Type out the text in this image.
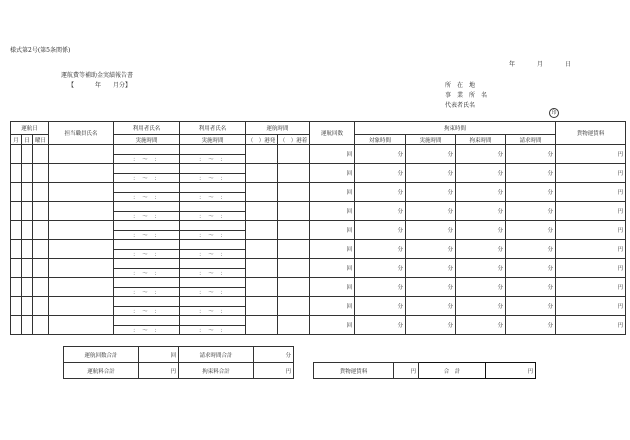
様式第2号(第5条関係)
年	月	日
運航費等補助金実績報告書
【	年 月分】	所　在　地
事　業　所　名
代表者氏名
印
運航日			担当職員氏名	利用者氏名	利用者氏名	運航時間		運航回数	拘束時間				貨物運賃料
月	日	曜日		実施時間	実施時間	（　）港発	（　）港着		対象時間	実施時間	拘束時間	請求時間	
								回	分	分	分	分	円
				：　～　：	：　～　：								
								回	分	分	分	分	円
				：　～　：	：　～　：								
								回	分	分	分	分	円
				：　～　：	：　～　：								
								回	分	分	分	分	円
				：　～　：	：　～　：								
								回	分	分	分	分	円
				：　～　：	：　～　：								
								回	分	分	分	分	円
				：　～　：	：　～　：								
								回	分	分	分	分	円
				：　～　：	：　～　：								
								回	分	分	分	分	円
				：　～　：	：　～　：								
								回	分	分	分	分	円
				：　～　：	：　～　：								
								回	分	分	分	分	円
				：　～　：	：　～　：								
運航回数合計	回	請求時間合計	分					
運航料合計	円	拘束料合計	円		貨物運賃料	円	合　計	円
